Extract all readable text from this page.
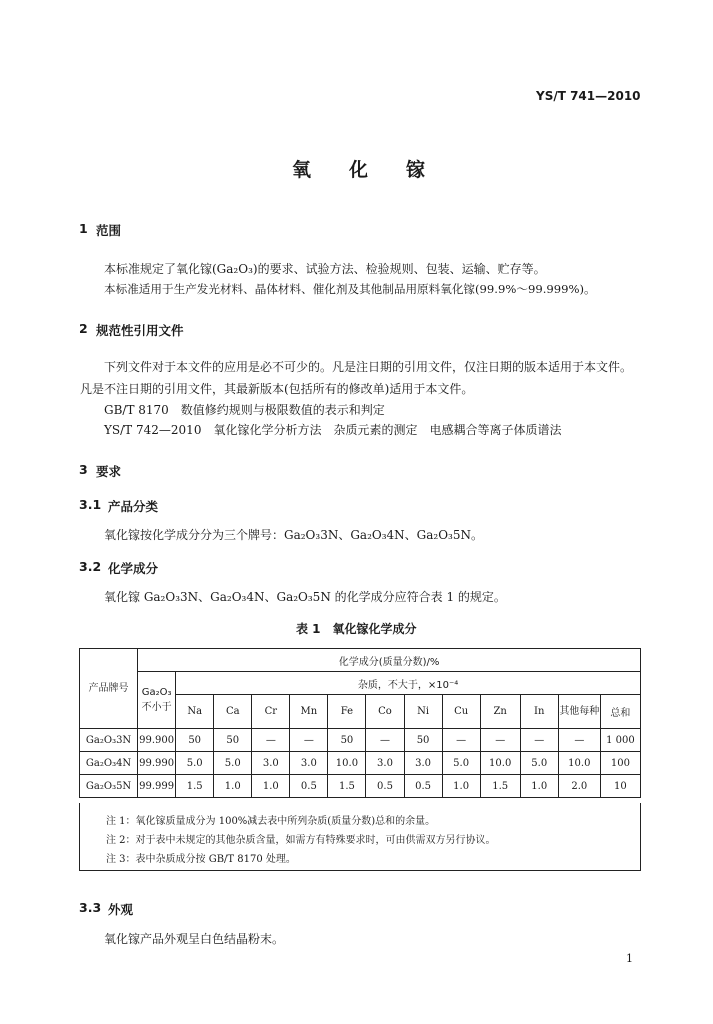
YS/T 741—2010
氧　　化　　镓
1 范围
本标准规定了氧化镓(Ga₂O₃)的要求、试验方法、检验规则、包装、运输、贮存等。
本标准适用于生产发光材料、晶体材料、催化剂及其他制品用原料氧化镓(99.9%～99.999%)。
2 规范性引用文件
下列文件对于本文件的应用是必不可少的。凡是注日期的引用文件，仅注日期的版本适用于本文件。凡是不注日期的引用文件，其最新版本(包括所有的修改单)适用于本文件。
GB/T 8170　数值修约规则与极限数值的表示和判定
YS/T 742—2010　氧化镓化学分析方法　杂质元素的测定　电感耦合等离子体质谱法
3 要求
3.1 产品分类
氧化镓按化学成分分为三个牌号：Ga₂O₃3N、Ga₂O₃4N、Ga₂O₃5N。
3.2 化学成分
氧化镓 Ga₂O₃3N、Ga₂O₃4N、Ga₂O₃5N 的化学成分应符合表 1 的规定。
表 1　氧化镓化学成分
产品牌号	化学成分(质量分数)/%												
	Ga₂O₃不小于	杂质，不大于，×10⁻⁴											
		Na	Ca	Cr	Mn	Fe	Co	Ni	Cu	Zn	In	其他每种	总和
Ga₂O₃3N	99.900	50	50	—	—	50	—	50	—	—	—	—	1 000
Ga₂O₃4N	99.990	5.0	5.0	3.0	3.0	10.0	3.0	3.0	5.0	10.0	5.0	10.0	100
Ga₂O₃5N	99.999	1.5	1.0	1.0	0.5	1.5	0.5	0.5	1.0	1.5	1.0	2.0	10
注 1：氧化镓质量成分为 100%减去表中所列杂质(质量分数)总和的余量。
注 2：对于表中未规定的其他杂质含量，如需方有特殊要求时，可由供需双方另行协议。
注 3：表中杂质成分按 GB/T 8170 处理。
3.3 外观
氧化镓产品外观呈白色结晶粉末。
1
